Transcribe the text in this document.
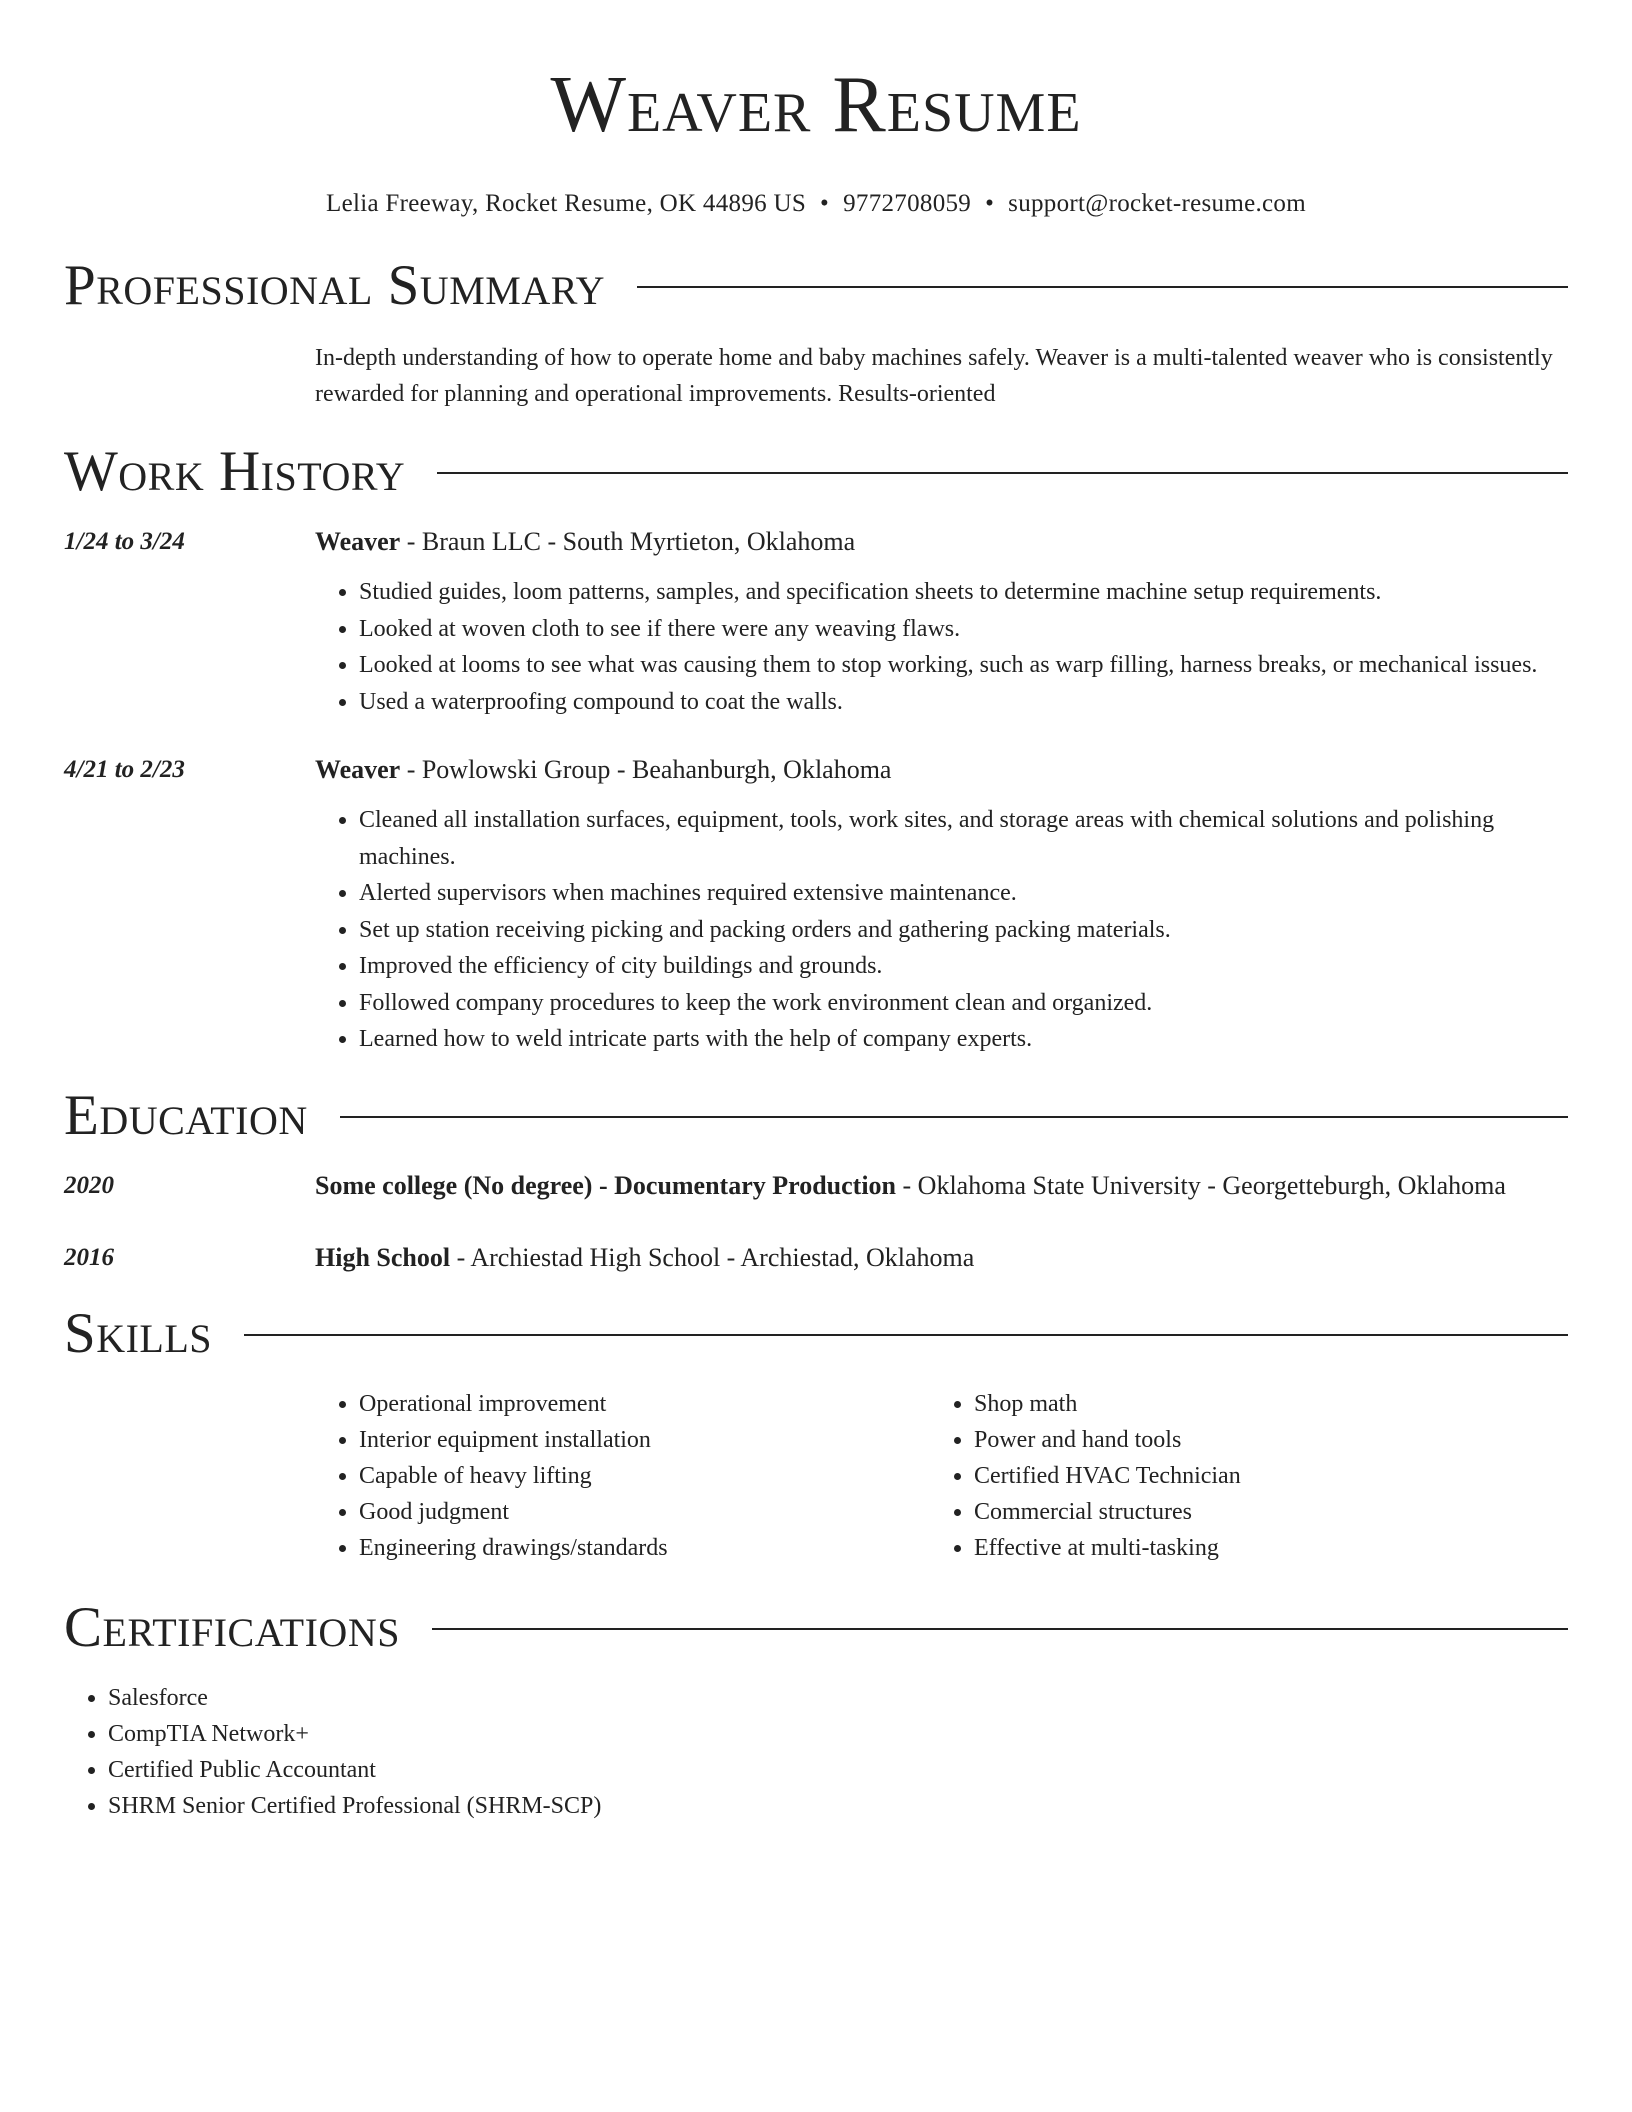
Weaver Resume
Lelia Freeway, Rocket Resume, OK 44896 US • 9772708059 • support@rocket-resume.com
Professional Summary
In-depth understanding of how to operate home and baby machines safely. Weaver is a multi-talented weaver who is consistently rewarded for planning and operational improvements. Results-oriented
Work History
1/24 to 3/24	Weaver - Braun LLC - South Myrtieton, Oklahoma
• Studied guides, loom patterns, samples, and specification sheets to determine machine setup requirements.
• Looked at woven cloth to see if there were any weaving flaws.
• Looked at looms to see what was causing them to stop working, such as warp filling, harness breaks, or mechanical issues.
• Used a waterproofing compound to coat the walls.
4/21 to 2/23	Weaver - Powlowski Group - Beahanburgh, Oklahoma
• Cleaned all installation surfaces, equipment, tools, work sites, and storage areas with chemical solutions and polishing machines.
• Alerted supervisors when machines required extensive maintenance.
• Set up station receiving picking and packing orders and gathering packing materials.
• Improved the efficiency of city buildings and grounds.
• Followed company procedures to keep the work environment clean and organized.
• Learned how to weld intricate parts with the help of company experts.
Education
2020	Some college (No degree) - Documentary Production - Oklahoma State University - Georgetteburgh, Oklahoma
2016	High School - Archiestad High School - Archiestad, Oklahoma
Skills
• Operational improvement
• Interior equipment installation
• Capable of heavy lifting
• Good judgment
• Engineering drawings/standards
• Shop math
• Power and hand tools
• Certified HVAC Technician
• Commercial structures
• Effective at multi-tasking
Certifications
• Salesforce
• CompTIA Network+
• Certified Public Accountant
• SHRM Senior Certified Professional (SHRM-SCP)
